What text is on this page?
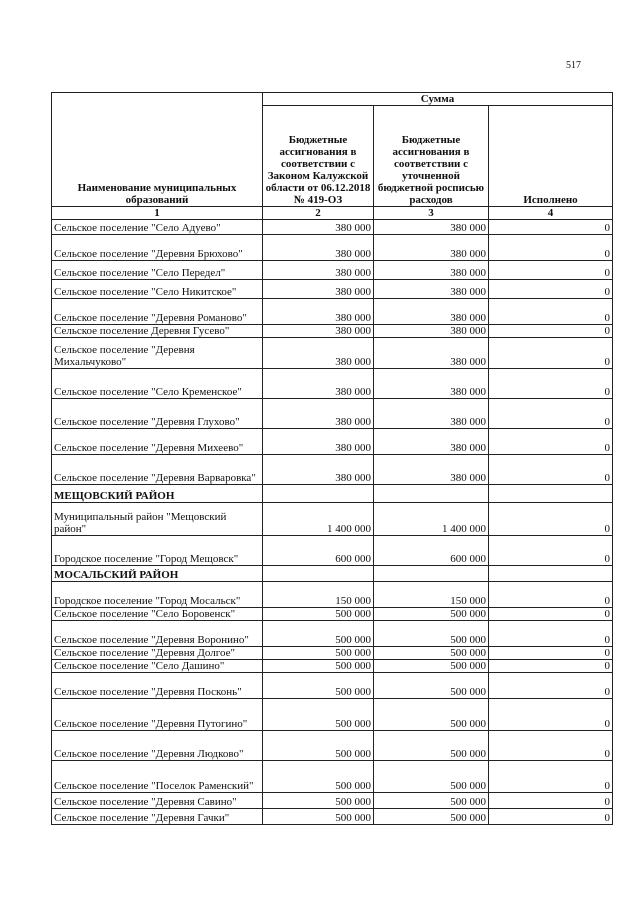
517
Наименование муниципальных образований	Сумма		
	Бюджетные ассигнования в соответствии с Законом Калужской области от 06.12.2018 № 419-ОЗ	Бюджетные ассигнования в соответствии с уточненной бюджетной росписью расходов	Исполнено
1	2	3	4
Сельское поселение "Село Адуево"	380 000	380 000	0
Сельское поселение "Деревня Брюхово"	380 000	380 000	0
Сельское поселение "Село Передел"	380 000	380 000	0
Сельское поселение "Село Никитское"	380 000	380 000	0
Сельское поселение "Деревня Романово"	380 000	380 000	0
Сельское поселение Деревня Гусево"	380 000	380 000	0
Сельское поселение "Деревня Михальчуково"	380 000	380 000	0
Сельское поселение "Село Кременское"	380 000	380 000	0
Сельское поселение "Деревня Глухово"	380 000	380 000	0
Сельское поселение "Деревня Михеево"	380 000	380 000	0
Сельское поселение "Деревня Варваровка"	380 000	380 000	0
МЕЩОВСКИЙ РАЙОН			
Муниципальный район "Мещовский район"	1 400 000	1 400 000	0
Городское поселение "Город Мещовск"	600 000	600 000	0
МОСАЛЬСКИЙ РАЙОН			
Городское поселение "Город Мосальск"	150 000	150 000	0
Сельское поселение "Село Боровенск"	500 000	500 000	0
Сельское поселение "Деревня Воронино"	500 000	500 000	0
Сельское поселение "Деревня Долгое"	500 000	500 000	0
Сельское поселение "Село Дашино"	500 000	500 000	0
Сельское поселение "Деревня Посконь"	500 000	500 000	0
Сельское поселение "Деревня Путогино"	500 000	500 000	0
Сельское поселение "Деревня Людково"	500 000	500 000	0
Сельское поселение "Поселок Раменский"	500 000	500 000	0
Сельское поселение "Деревня Савино"	500 000	500 000	0
Сельское поселение "Деревня Гачки"	500 000	500 000	0
